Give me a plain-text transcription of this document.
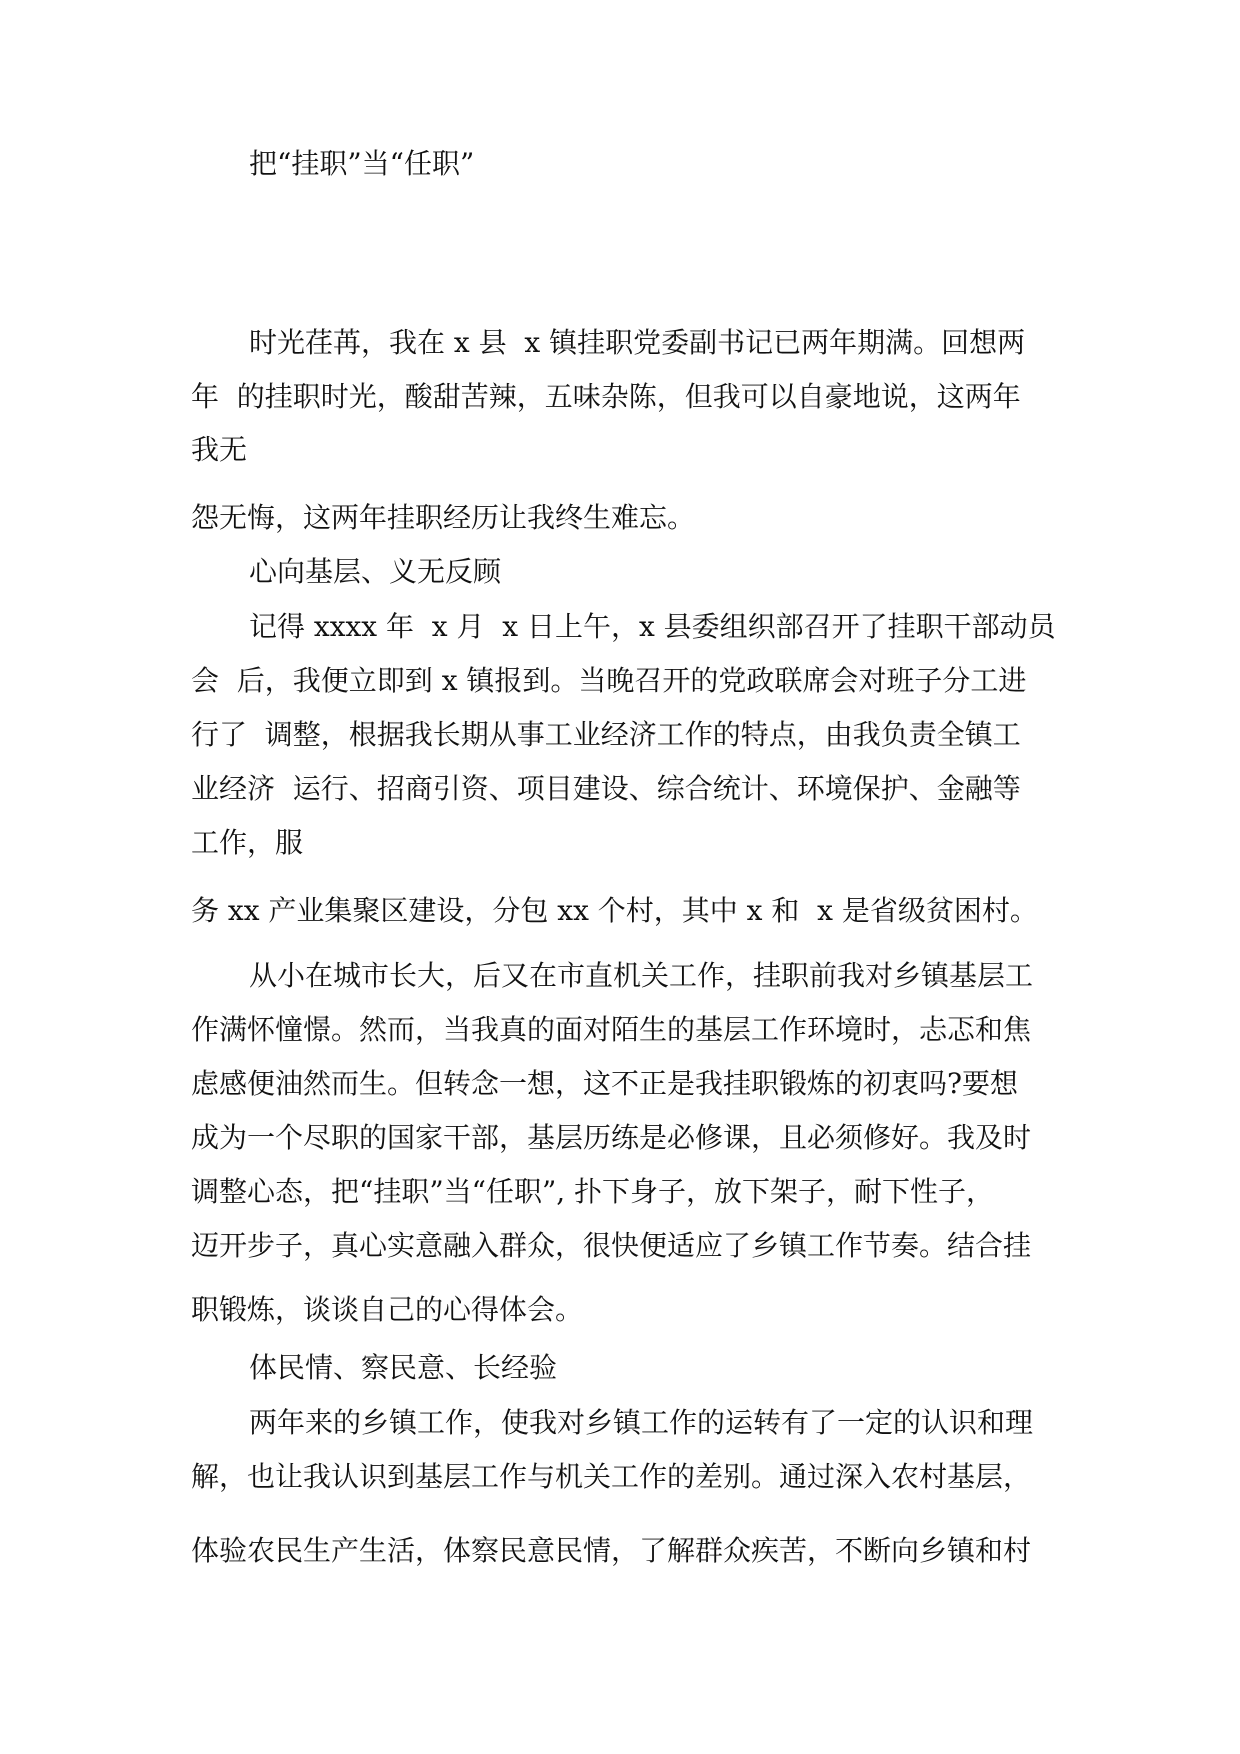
把“挂职”当“任职”

时光荏苒，我在 x 县  x 镇挂职党委副书记已两年期满。回想两

年  的挂职时光，酸甜苦辣，五味杂陈，但我可以自豪地说，这两年

我无

怨无悔，这两年挂职经历让我终生难忘。

心向基层、义无反顾

记得 xxxx 年  x 月  x 日上午，x 县委组织部召开了挂职干部动员

会  后，我便立即到 x 镇报到。当晚召开的党政联席会对班子分工进

行了  调整，根据我长期从事工业经济工作的特点，由我负责全镇工

业经济  运行、招商引资、项目建设、综合统计、环境保护、金融等

工作，服

务 xx 产业集聚区建设，分包 xx 个村，其中 x 和  x 是省级贫困村。

从小在城市长大，后又在市直机关工作，挂职前我对乡镇基层工

作满怀憧憬。然而，当我真的面对陌生的基层工作环境时，忐忑和焦

虑感便油然而生。但转念一想，这不正是我挂职锻炼的初衷吗?要想

成为一个尽职的国家干部，基层历练是必修课，且必须修好。我及时

调整心态，把“挂职”当“任职”, 扑下身子，放下架子，耐下性子，

迈开步子，真心实意融入群众，很快便适应了乡镇工作节奏。结合挂

职锻炼，谈谈自己的心得体会。

体民情、察民意、长经验

两年来的乡镇工作，使我对乡镇工作的运转有了一定的认识和理

解，也让我认识到基层工作与机关工作的差别。通过深入农村基层，

体验农民生产生活，体察民意民情，了解群众疾苦，不断向乡镇和村
